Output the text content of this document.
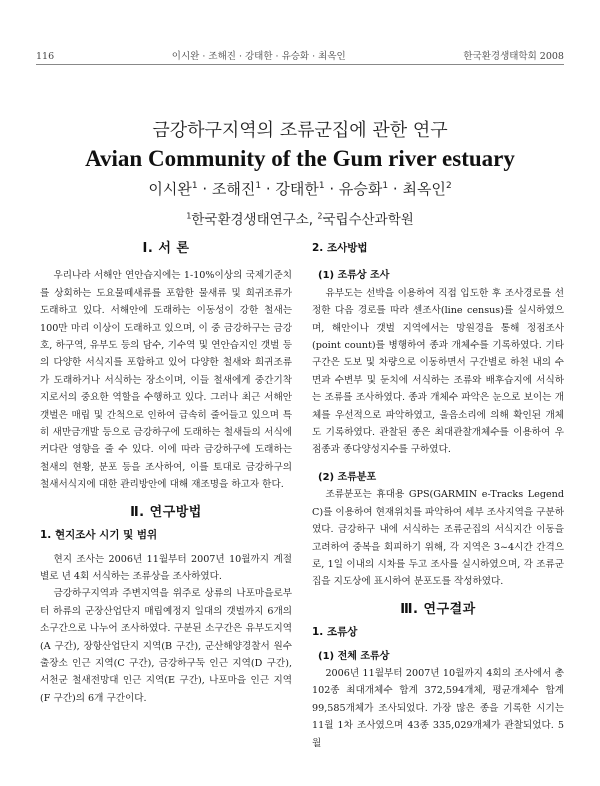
116	이시완 · 조해진 · 강태한 · 유승화 · 최옥인	한국환경생태학회 2008
금강하구지역의 조류군집에 관한 연구
Avian Community of the Gum river estuary
이시완$^1$ · 조해진$^1$ · 강태한$^1$ · 유승화$^1$ · 최옥인$^2$
$^1$한국환경생태연구소, $^2$국립수산과학원
Ⅰ. 서 론

우리나라 서해안 연안습지에는 1-10%이상의 국제기준치를 상회하는 도요물떼새류를 포함한 물새류 및 희귀조류가 도래하고 있다. 서해안에 도래하는 이동성이 강한 철새는 100만 마리 이상이 도래하고 있으며, 이 중 금강하구는 금강호, 하구역, 유부도 등의 담수, 기수역 및 연안습지인 갯벌 등의 다양한 서식지를 포함하고 있어 다양한 철새와 희귀조류가 도래하거나 서식하는 장소이며, 이들 철새에게 중간기착지로서의 중요한 역할을 수행하고 있다. 그러나 최근 서해안 갯벌은 매립 및 간척으로 인하여 급속히 줄어들고 있으며 특히 새만금개발 등으로 금강하구에 도래하는 철새들의 서식에 커다란 영향을 줄 수 있다. 이에 따라 금강하구에 도래하는 철새의 현황, 분포 등을 조사하여, 이를 토대로 금강하구의 철새서식지에 대한 관리방안에 대해 재조명을 하고자 한다.

Ⅱ. 연구방법
1. 현지조사 시기 및 범위

현지 조사는 2006년 11월부터 2007년 10월까지 계절별로 년 4회 서식하는 조류상을 조사하였다.

금강하구지역과 주변지역을 위주로 상류의 나포마을로부터 하류의 군장산업단지 매립예정지 일대의 갯벌까지 6개의 소구간으로 나누어 조사하였다. 구분된 소구간은 유부도지역(A 구간), 장항산업단지 지역(B 구간), 군산해양경찰서 원수출장소 인근 지역(C 구간), 금강하구둑 인근 지역(D 구간), 서천군 철새전망대 인근 지역(E 구간), 나포마을 인근 지역(F 구간)의 6개 구간이다.

2. 조사방법
(1) 조류상 조사

유부도는 선박을 이용하여 직접 입도한 후 조사경로를 선정한 다음 경로를 따라 센조사(line census)를 실시하였으며, 해안이나 갯벌 지역에서는 망원경을 통해 정점조사(point count)를 병행하여 종과 개체수를 기록하였다. 기타 구간은 도보 및 차량으로 이동하면서 구간별로 하천 내의 수면과 수변부 및 둔치에 서식하는 조류와 배후습지에 서식하는 조류를 조사하였다. 종과 개체수 파악은 눈으로 보이는 개체를 우선적으로 파악하였고, 울음소리에 의해 확인된 개체도 기록하였다. 관찰된 종은 최대관찰개체수를 이용하여 우점종과 종다양성지수를 구하였다.

(2) 조류분포

조류분포는 휴대용 GPS(GARMIN e-Tracks Legend C)를 이용하여 현재위치를 파악하여 세부 조사지역을 구분하였다. 금강하구 내에 서식하는 조류군집의 서식지간 이동을 고려하여 중복을 회피하기 위해, 각 지역은 3~4시간 간격으로, 1일 이내의 시차를 두고 조사를 실시하였으며, 각 조류군집을 지도상에 표시하여 분포도를 작성하였다.

Ⅲ. 연구결과
1. 조류상
(1) 전체 조류상

2006년 11월부터 2007년 10월까지 4회의 조사에서 총 102종 최대개체수 합계 372,594개체, 평균개체수 합계 99,585개체가 조사되었다. 가장 많은 종을 기록한 시기는 11월 1차 조사였으며 43종 335,029개체가 관찰되었다. 5월
